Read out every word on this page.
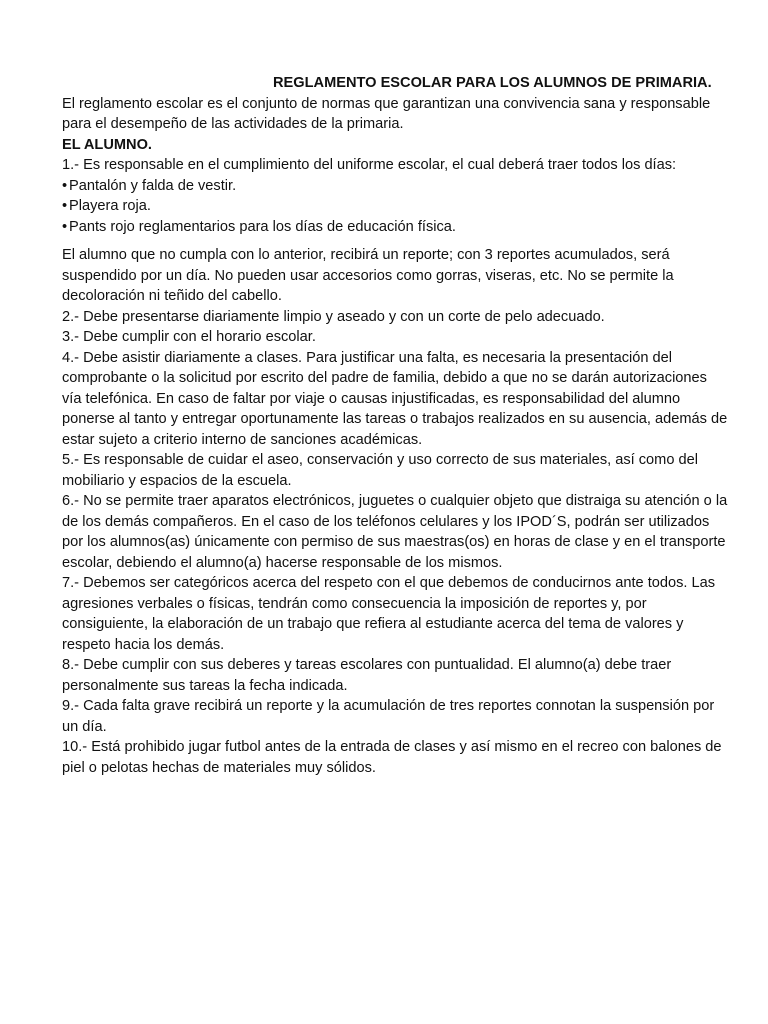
REGLAMENTO ESCOLAR PARA LOS ALUMNOS DE PRIMARIA.

El reglamento escolar es el conjunto de normas que garantizan una convivencia sana y responsable para el desempeño de las actividades de la primaria.

EL ALUMNO.

1.- Es responsable en el cumplimiento del uniforme escolar, el cual deberá traer todos los días:

• Pantalón y falda de vestir.
• Playera roja.
• Pants rojo reglamentarios para los días de educación física.

El alumno que no cumpla con lo anterior, recibirá un reporte; con 3 reportes acumulados, será suspendido por un día. No pueden usar accesorios como gorras, viseras, etc. No se permite la decoloración ni teñido del cabello.

2.- Debe presentarse diariamente limpio y aseado y con un corte de pelo adecuado.

3.- Debe cumplir con el horario escolar.

4.- Debe asistir diariamente a clases. Para justificar una falta, es necesaria la presentación del comprobante o la solicitud por escrito del padre de familia, debido a que no se darán autorizaciones vía telefónica. En caso de faltar por viaje o causas injustificadas, es responsabilidad del alumno ponerse al tanto y entregar oportunamente las tareas o trabajos realizados en su ausencia, además de estar sujeto a criterio interno de sanciones académicas.

5.- Es responsable de cuidar el aseo, conservación y uso correcto de sus materiales, así como del mobiliario y espacios de la escuela.

6.- No se permite traer aparatos electrónicos, juguetes o cualquier objeto que distraiga su atención o la de los demás compañeros. En el caso de los teléfonos celulares y los IPOD´S, podrán ser utilizados por los alumnos(as) únicamente con permiso de sus maestras(os) en horas de clase y en el transporte escolar, debiendo el alumno(a) hacerse responsable de los mismos.

7.- Debemos ser categóricos acerca del respeto con el que debemos de conducirnos ante todos. Las agresiones verbales o físicas, tendrán como consecuencia la imposición de reportes y, por consiguiente, la elaboración de un trabajo que refiera al estudiante acerca del tema de valores y respeto hacia los demás.

8.- Debe cumplir con sus deberes y tareas escolares con puntualidad. El alumno(a) debe traer personalmente sus tareas la fecha indicada.

9.- Cada falta grave recibirá un reporte y la acumulación de tres reportes connotan la suspensión por un día.

10.- Está prohibido jugar futbol antes de la entrada de clases y así mismo en el recreo con balones de piel o pelotas hechas de materiales muy sólidos.
